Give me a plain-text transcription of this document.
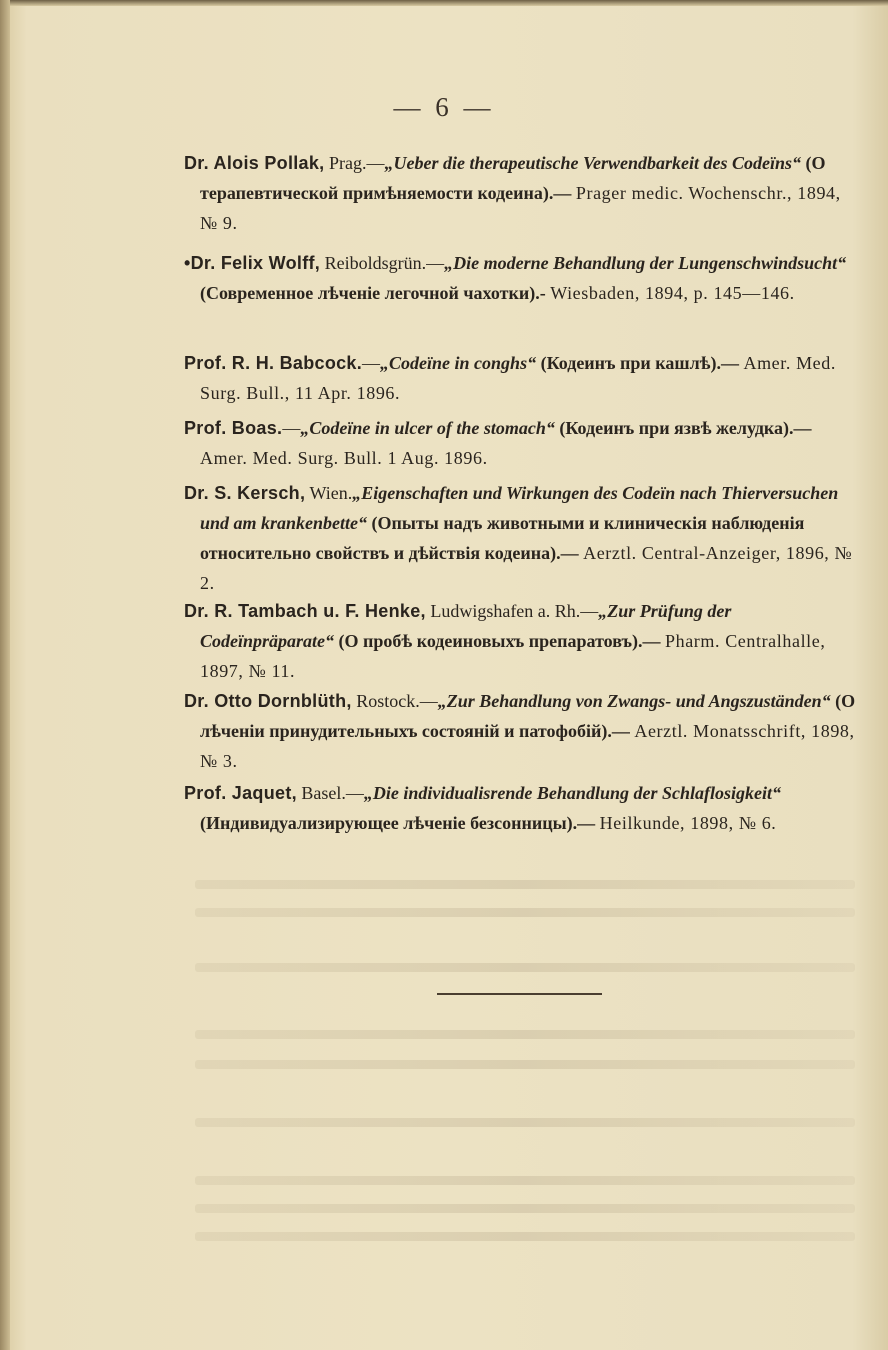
— 6 —

Dr. Alois Pollak, Prag.—„Ueber die therapeutische Verwendbarkeit des Codeïns“ (О терапевтической примѣняемости кодеина).— Prager medic. Wochenschr., 1894, № 9.

•Dr. Felix Wolff, Reiboldsgrün.—„Die moderne Behandlung der Lungenschwindsucht“ (Современное лѣченіе легочной чахотки).- Wiesbaden, 1894, p. 145—146.

Prof. R. H. Babcock.—„Codeïne in conghs“ (Кодеинъ при кашлѣ).— Amer. Med. Surg. Bull., 11 Apr. 1896.

Prof. Boas.—„Codeïne in ulcer of the stomach“ (Кодеинъ при язвѣ желудка).— Amer. Med. Surg. Bull. 1 Aug. 1896.

Dr. S. Kersch, Wien.„Eigenschaften und Wirkungen des Codeïn nach Thierversuchen und am krankenbette“ (Опыты надъ животными и клиническія наблюденія относительно свойствъ и дѣйствія кодеина).— Aerztl. Central-Anzeiger, 1896, № 2.

Dr. R. Tambach u. F. Henke, Ludwigshafen a. Rh.—„Zur Prüfung der Codeïnpräparate“ (О пробѣ кодеиновыхъ препаратовъ).— Pharm. Centralhalle, 1897, № 11.

Dr. Otto Dornblüth, Rostock.—„Zur Behandlung von Zwangs- und Angszuständen“ (О лѣченіи принудительныхъ состояній и патофобій).— Aerztl. Monatsschrift, 1898, № 3.

Prof. Jaquet, Basel.—„Die individualisrende Behandlung der Schlaflosigkeit“ (Индивидуализирующее лѣченіе безсонницы).— Heilkunde, 1898, № 6.
